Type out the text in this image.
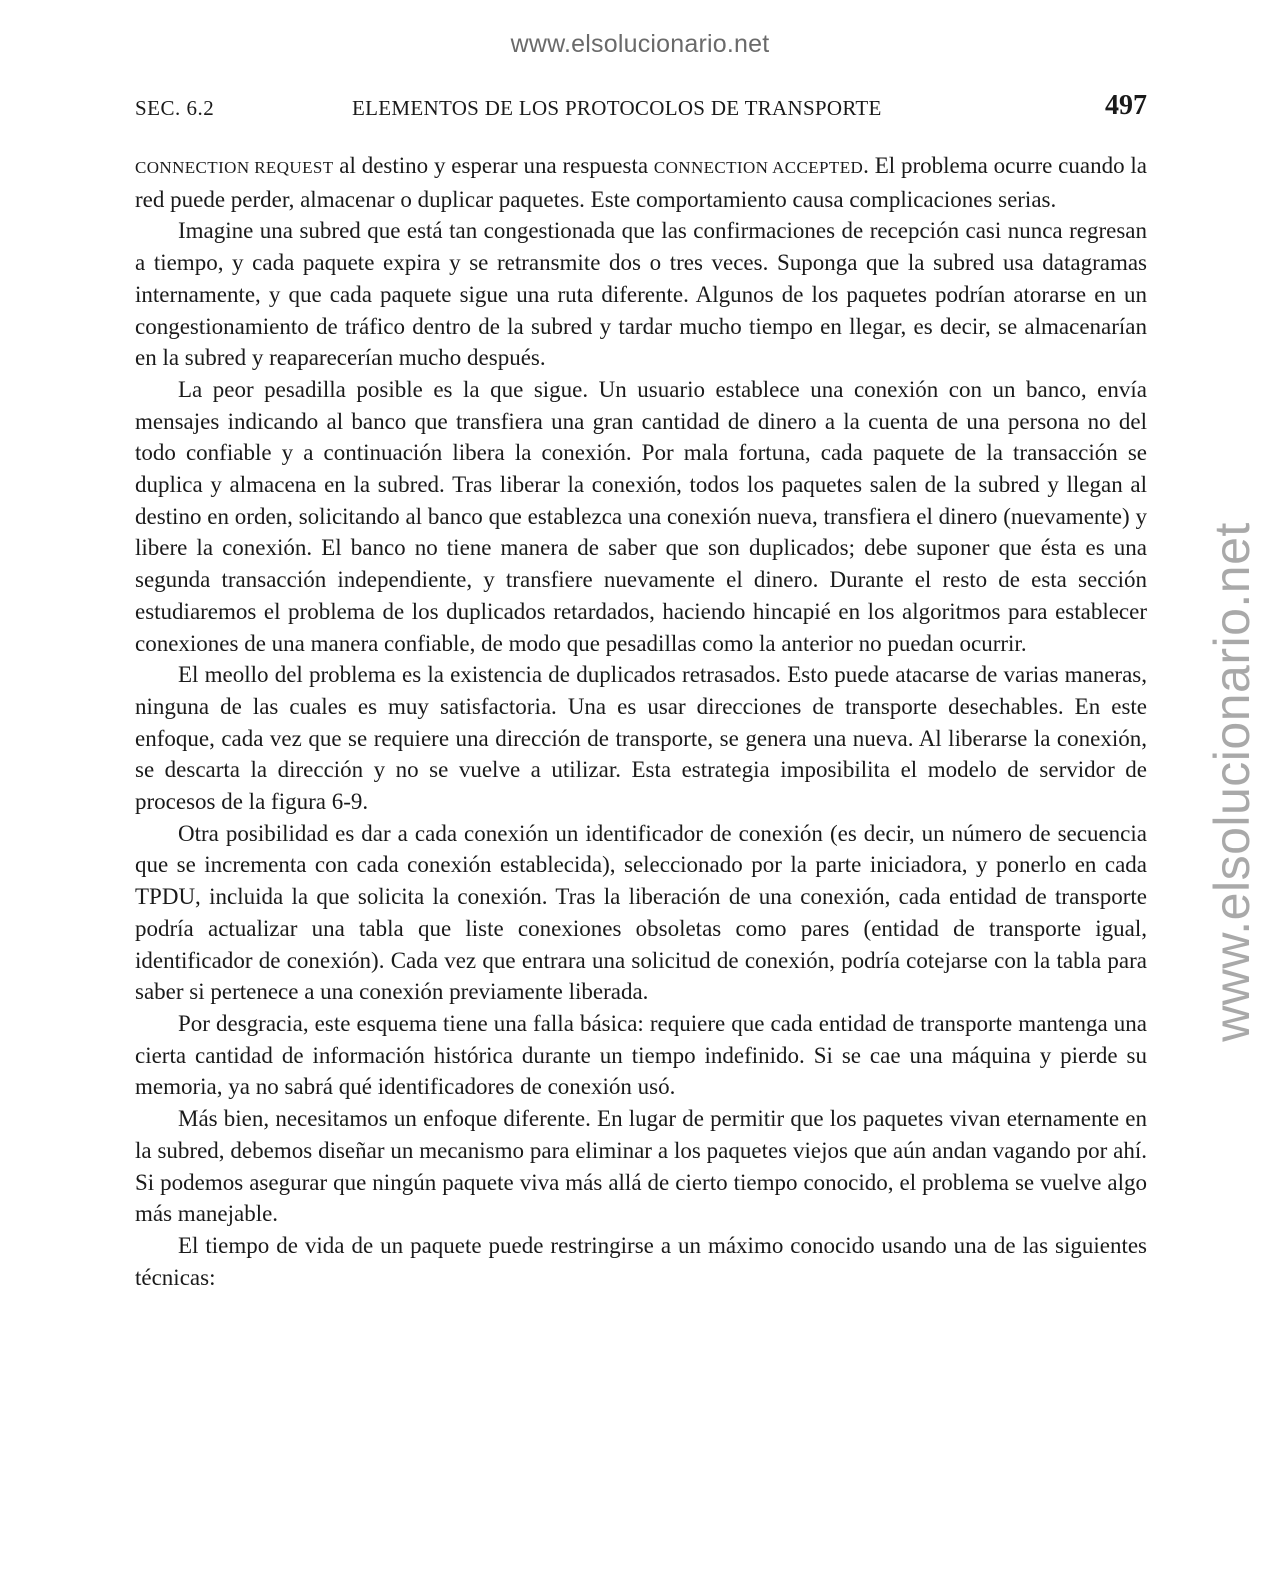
www.elsolucionario.net
www.elsolucionario.net
SEC. 6.2	ELEMENTOS DE LOS PROTOCOLOS DE TRANSPORTE	497

CONNECTION REQUEST al destino y esperar una respuesta CONNECTION ACCEPTED. El problema ocurre cuando la red puede perder, almacenar o duplicar paquetes. Este comportamiento causa complicaciones serias.

Imagine una subred que está tan congestionada que las confirmaciones de recepción casi nunca regresan a tiempo, y cada paquete expira y se retransmite dos o tres veces. Suponga que la subred usa datagramas internamente, y que cada paquete sigue una ruta diferente. Algunos de los paquetes podrían atorarse en un congestionamiento de tráfico dentro de la subred y tardar mucho tiempo en llegar, es decir, se almacenarían en la subred y reaparecerían mucho después.

La peor pesadilla posible es la que sigue. Un usuario establece una conexión con un banco, envía mensajes indicando al banco que transfiera una gran cantidad de dinero a la cuenta de una persona no del todo confiable y a continuación libera la conexión. Por mala fortuna, cada paquete de la transacción se duplica y almacena en la subred. Tras liberar la conexión, todos los paquetes salen de la subred y llegan al destino en orden, solicitando al banco que establezca una conexión nueva, transfiera el dinero (nuevamente) y libere la conexión. El banco no tiene manera de saber que son duplicados; debe suponer que ésta es una segunda transacción independiente, y transfiere nuevamente el dinero. Durante el resto de esta sección estudiaremos el problema de los duplicados retardados, haciendo hincapié en los algoritmos para establecer conexiones de una manera confiable, de modo que pesadillas como la anterior no puedan ocurrir.

El meollo del problema es la existencia de duplicados retrasados. Esto puede atacarse de varias maneras, ninguna de las cuales es muy satisfactoria. Una es usar direcciones de transporte desechables. En este enfoque, cada vez que se requiere una dirección de transporte, se genera una nueva. Al liberarse la conexión, se descarta la dirección y no se vuelve a utilizar. Esta estrategia imposibilita el modelo de servidor de procesos de la figura 6-9.

Otra posibilidad es dar a cada conexión un identificador de conexión (es decir, un número de secuencia que se incrementa con cada conexión establecida), seleccionado por la parte iniciadora, y ponerlo en cada TPDU, incluida la que solicita la conexión. Tras la liberación de una conexión, cada entidad de transporte podría actualizar una tabla que liste conexiones obsoletas como pares (entidad de transporte igual, identificador de conexión). Cada vez que entrara una solicitud de conexión, podría cotejarse con la tabla para saber si pertenece a una conexión previamente liberada.

Por desgracia, este esquema tiene una falla básica: requiere que cada entidad de transporte mantenga una cierta cantidad de información histórica durante un tiempo indefinido. Si se cae una máquina y pierde su memoria, ya no sabrá qué identificadores de conexión usó.

Más bien, necesitamos un enfoque diferente. En lugar de permitir que los paquetes vivan eternamente en la subred, debemos diseñar un mecanismo para eliminar a los paquetes viejos que aún andan vagando por ahí. Si podemos asegurar que ningún paquete viva más allá de cierto tiempo conocido, el problema se vuelve algo más manejable.

El tiempo de vida de un paquete puede restringirse a un máximo conocido usando una de las siguientes técnicas:
